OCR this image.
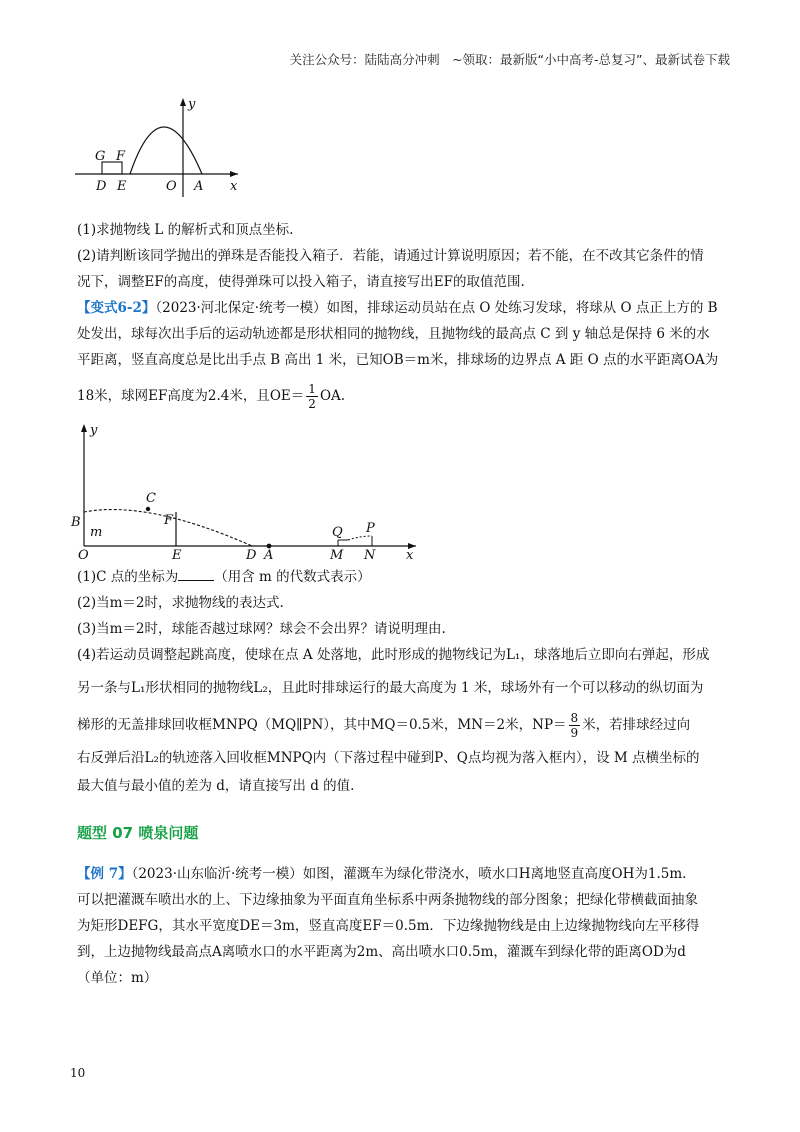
关注公众号：陆陆高分冲刺　~领取：最新版“小中高考-总复习”、最新试卷下载
y
G F
D E	O A x
(1)求抛物线 L 的解析式和顶点坐标.
(2)请判断该同学抛出的弹珠是否能投入箱子．若能，请通过计算说明原因；若不能，在不改其它条件的情
况下，调整EF的高度，使得弹珠可以投入箱子，请直接写出EF的取值范围.
【变式6-2】（2023·河北保定·统考一模）如图，排球运动员站在点 O 处练习发球，将球从 O 点正上方的 B
处发出，球每次出手后的运动轨迹都是形状相同的抛物线，且抛物线的最高点 C 到 y 轴总是保持 6 米的水
平距离，竖直高度总是比出手点 B 高出 1 米，已知OB＝m米，排球场的边界点 A 距 O 点的水平距离OA为
18米，球网EF高度为2.4米，且$OE= \frac{1}{2}$ OA.
y
C
B	F
m
O	E	D A
Q P
M N x
(1)C 点的坐标为	（用含 m 的代数式表示）
(2)当m＝2时，求抛物线的表达式.
(3)当m＝2时，球能否越过球网？球会不会出界？请说明理由.
(4)若运动员调整起跳高度，使球在点 A 处落地，此时形成的抛物线记为L₁，球落地后立即向右弹起，形成
另一条与L₁形状相同的抛物线L₂，且此时排球运行的最大高度为 1 米，球场外有一个可以移动的纵切面为
梯形的无盖排球回收框MNPQ（MQ∥PN），其中MQ＝0.5米，MN＝2米，$NP= \frac{8}{9}$ 米，若排球经过向
右反弹后沿L₂的轨迹落入回收框MNPQ内（下落过程中碰到P、Q点均视为落入框内），设 M 点横坐标的
最大值与最小值的差为 d，请直接写出 d 的值.
题型 07 喷泉问题
【例 7】（2023·山东临沂·统考一模）如图，灌溉车为绿化带浇水，喷水口H离地竖直高度OH为1.5m.
可以把灌溉车喷出水的上、下边缘抽象为平面直角坐标系中两条抛物线的部分图象；把绿化带横截面抽象
为矩形DEFG，其水平宽度DE＝3m，竖直高度EF＝0.5m．下边缘抛物线是由上边缘抛物线向左平移得
到，上边抛物线最高点A离喷水口的水平距离为2m、高出喷水口0.5m，灌溉车到绿化带的距离OD为d
（单位：m）
10
